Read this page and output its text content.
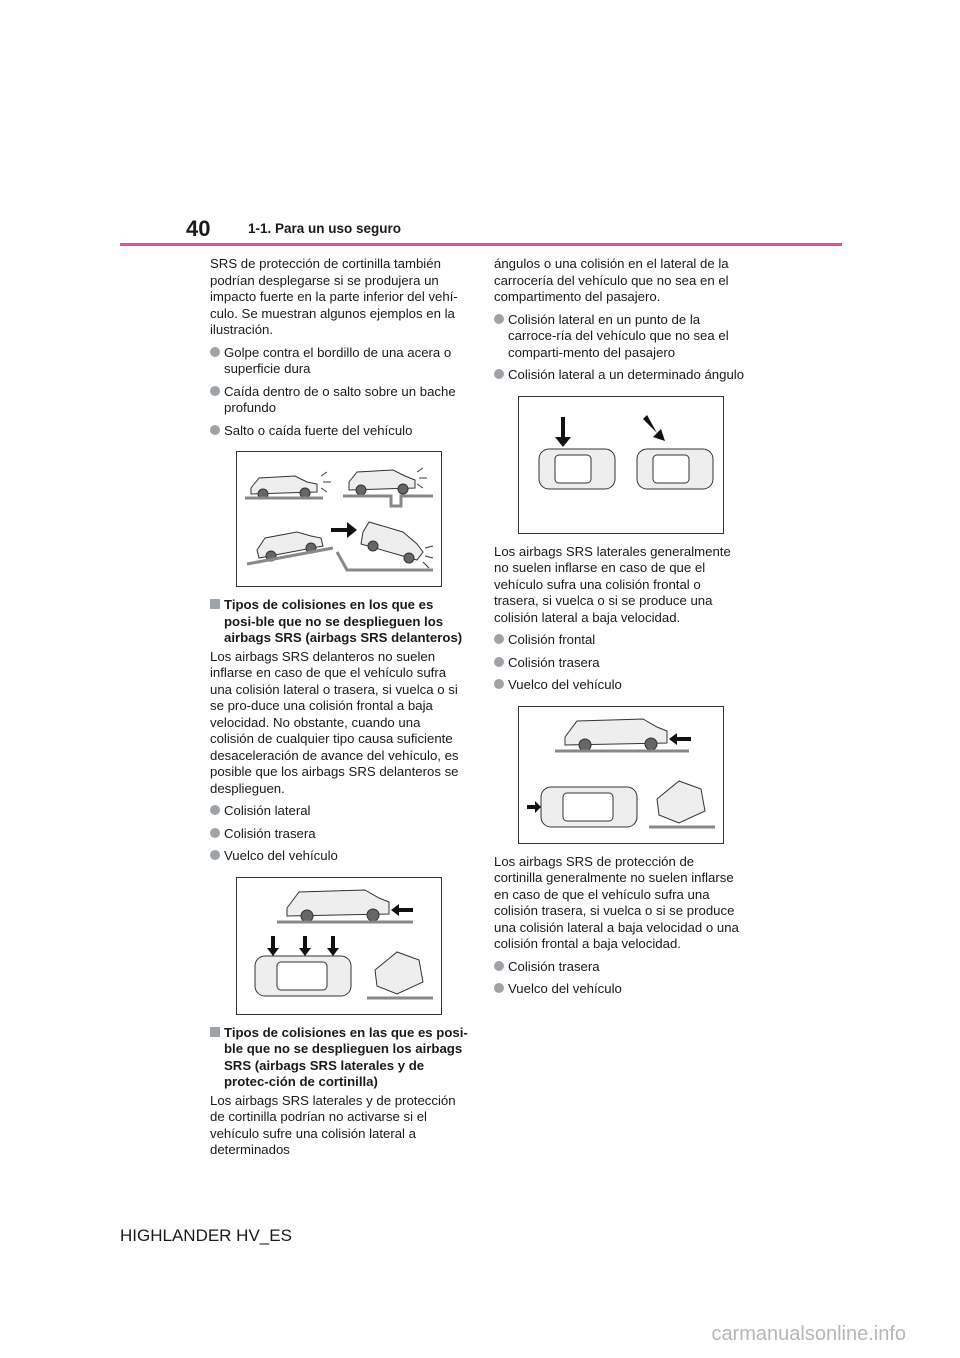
40	1-1. Para un uso seguro

SRS de protección de cortinilla también podrían desplegarse si se produjera un impacto fuerte en la parte inferior del vehí-culo. Se muestran algunos ejemplos en la ilustración.

Golpe contra el bordillo de una acera o superficie dura
Caída dentro de o salto sobre un bache profundo
Salto o caída fuerte del vehículo
Tipos de colisiones en los que es posi-ble que no se desplieguen los airbags SRS (airbags SRS delanteros)

Los airbags SRS delanteros no suelen inflarse en caso de que el vehículo sufra una colisión lateral o trasera, si vuelca o si se pro-duce una colisión frontal a baja velocidad. No obstante, cuando una colisión de cualquier tipo causa suficiente desaceleración de avance del vehículo, es posible que los airbags SRS delanteros se desplieguen.

Colisión lateral
Colisión trasera
Vuelco del vehículo
Tipos de colisiones en las que es posi-ble que no se desplieguen los airbags SRS (airbags SRS laterales y de protec-ción de cortinilla)

Los airbags SRS laterales y de protección de cortinilla podrían no activarse si el vehículo sufre una colisión lateral a determinados

ángulos o una colisión en el lateral de la carrocería del vehículo que no sea en el compartimento del pasajero.

Colisión lateral en un punto de la carroce-ría del vehículo que no sea el comparti-mento del pasajero
Colisión lateral a un determinado ángulo

Los airbags SRS laterales generalmente no suelen inflarse en caso de que el vehículo sufra una colisión frontal o trasera, si vuelca o si se produce una colisión lateral a baja velocidad.

Colisión frontal
Colisión trasera
Vuelco del vehículo

Los airbags SRS de protección de cortinilla generalmente no suelen inflarse en caso de que el vehículo sufra una colisión trasera, si vuelca o si se produce una colisión lateral a baja velocidad o una colisión frontal a baja velocidad.

Colisión trasera
Vuelco del vehículo
HIGHLANDER HV_ES
carmanualsonline.info
